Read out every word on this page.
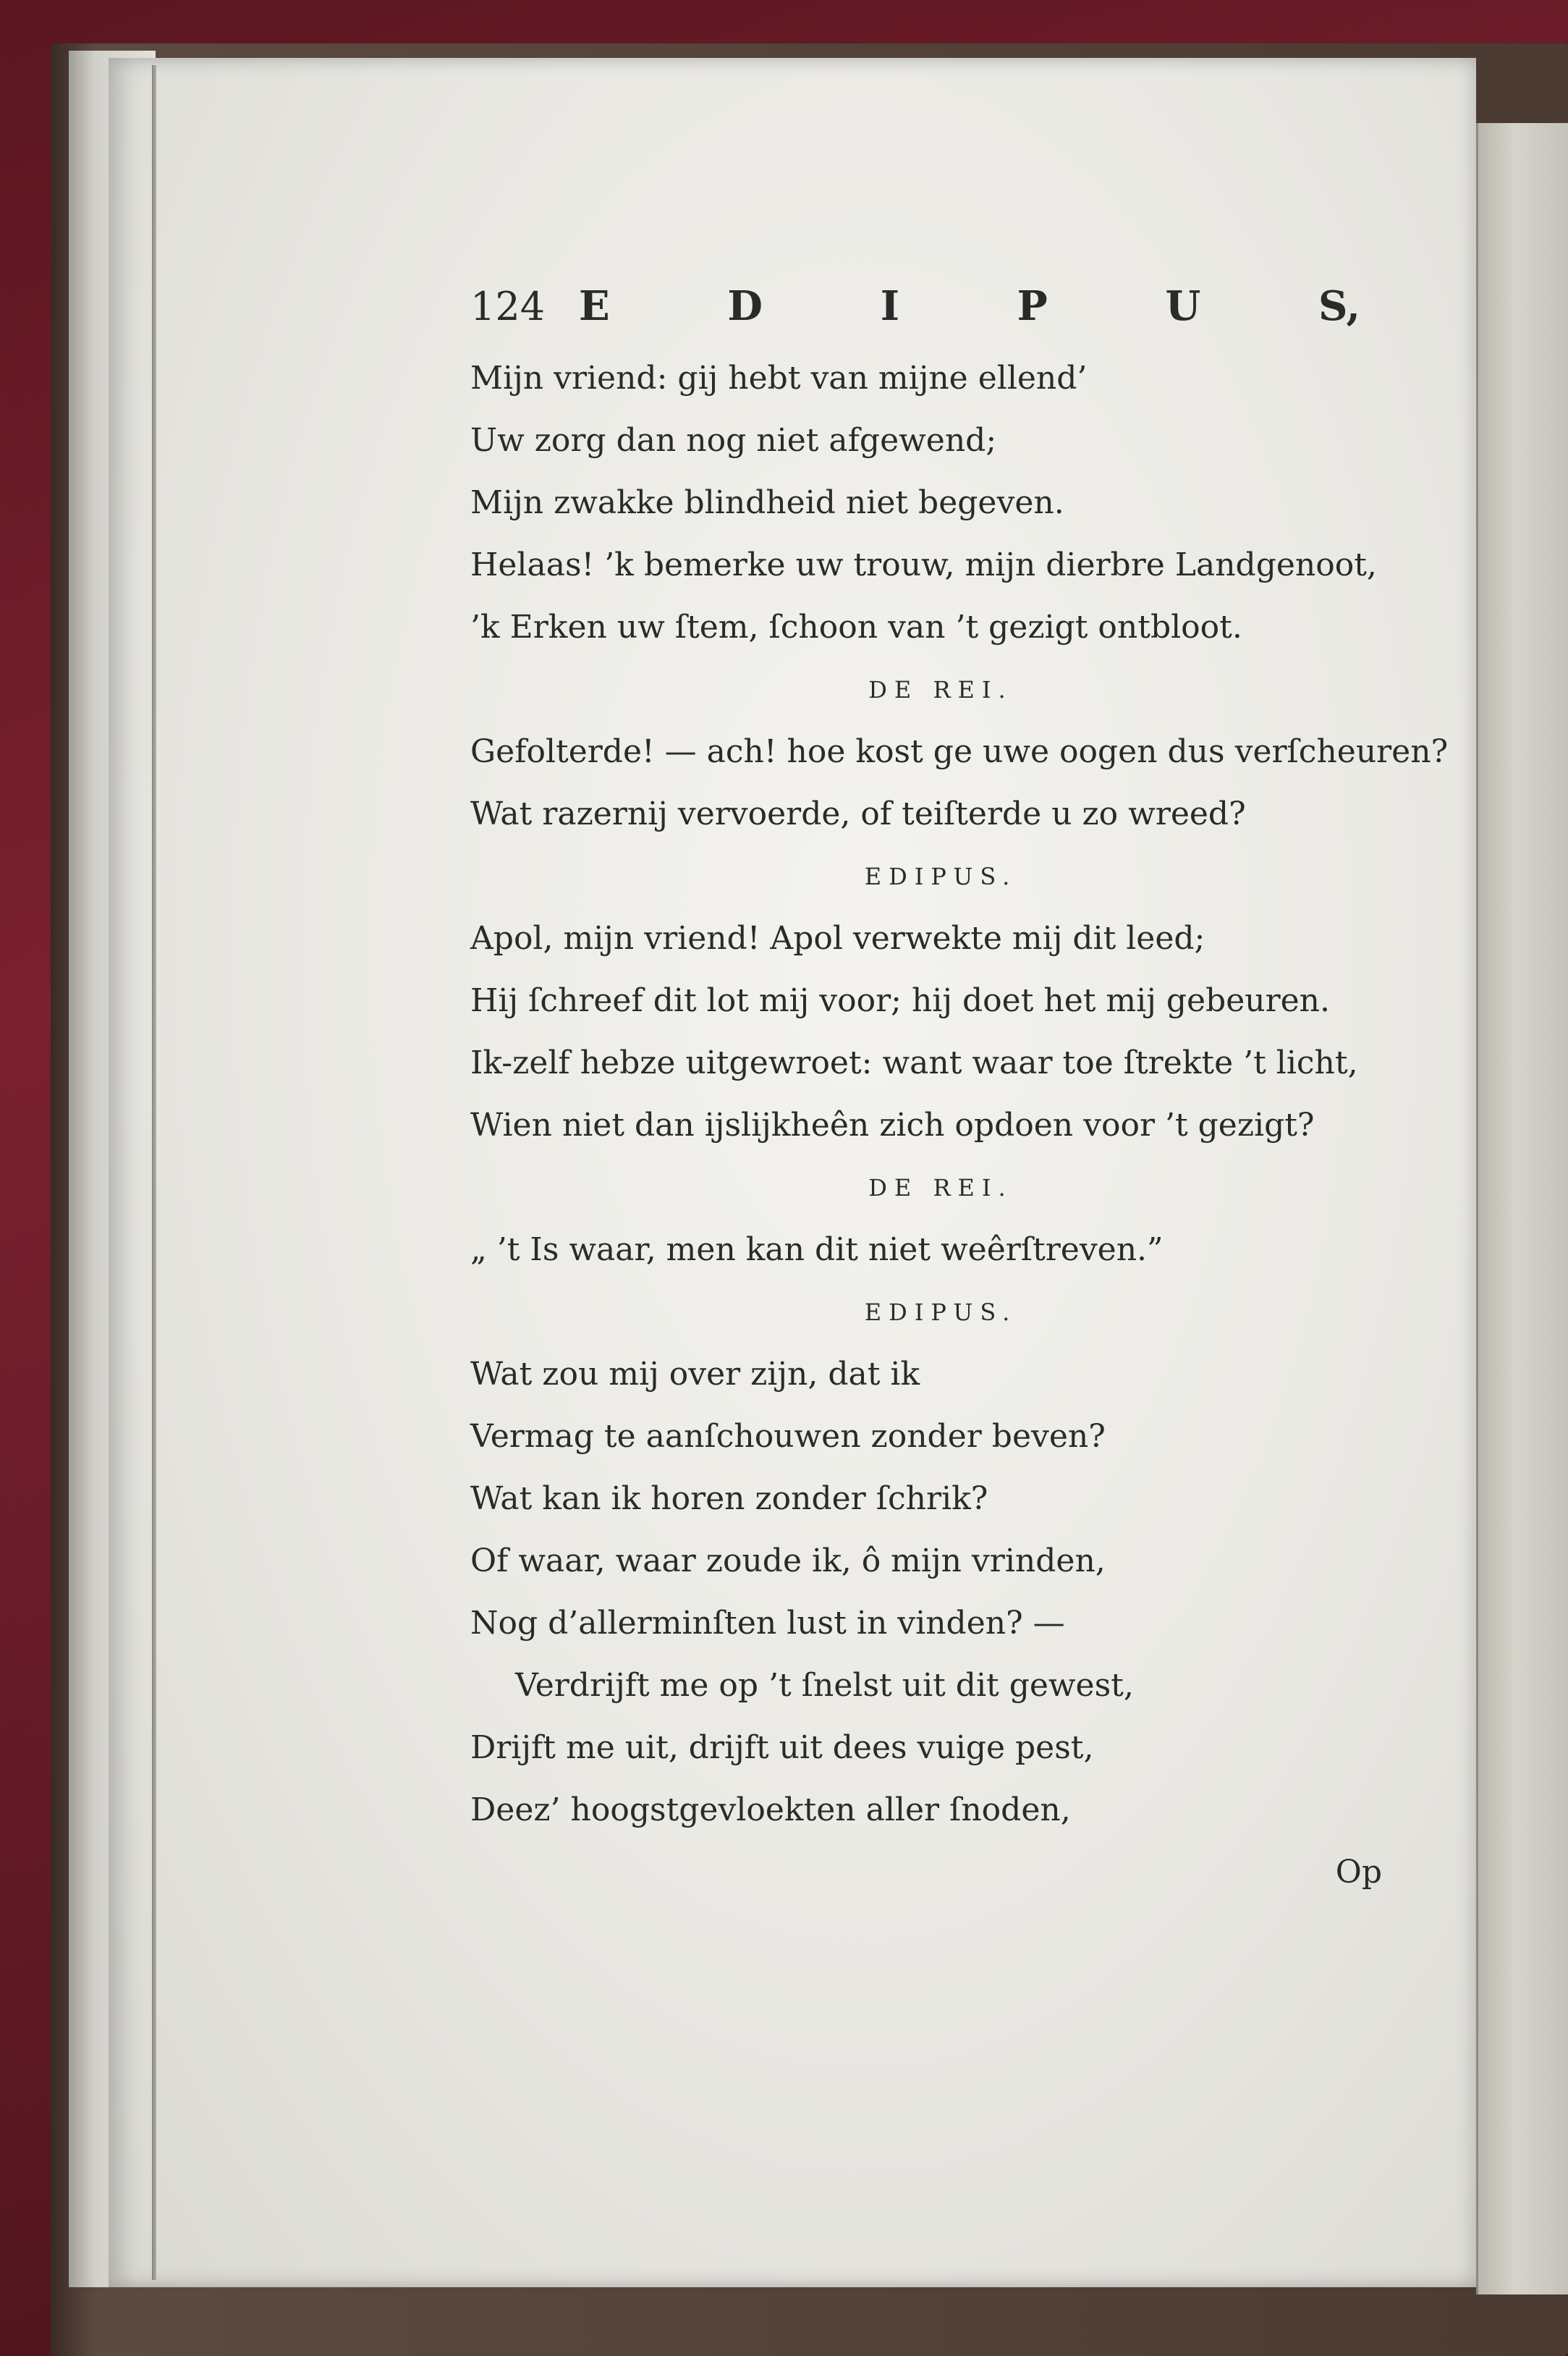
124 E	D	I	P	U	S,
Mijn vriend: gij hebt van mijne ellend’
Uw zorg dan nog niet afgewend;
Mijn zwakke blindheid niet begeven.
Helaas! ’k bemerke uw trouw, mijn dierbre Landgenoot,
’k Erken uw ſtem, ſchoon van ’t gezigt ontbloot.
DE REI.
Gefolterde! — ach! hoe kost ge uwe oogen dus verſcheuren?
Wat razernij vervoerde, of teiſterde u zo wreed?
EDIPUS.
Apol, mijn vriend! Apol verwekte mij dit leed;
Hij ſchreef dit lot mij voor; hij doet het mij gebeuren.
Ik-zelf hebze uitgewroet: want waar toe ſtrekte ’t licht,
Wien niet dan ijslijkheên zich opdoen voor ’t gezigt?
DE REI.
„ ’t Is waar, men kan dit niet weêrſtreven.”
EDIPUS.
Wat zou mij over zijn, dat ik
Vermag te aanſchouwen zonder beven?
Wat kan ik horen zonder ſchrik?
Of waar, waar zoude ik, ô mijn vrinden,
Nog d’allerminſten lust in vinden? —
Verdrijft me op ’t ſnelst uit dit gewest,
Drijft me uit, drijft uit dees vuige pest,
Deez’ hoogstgevloekten aller ſnoden,
Op
